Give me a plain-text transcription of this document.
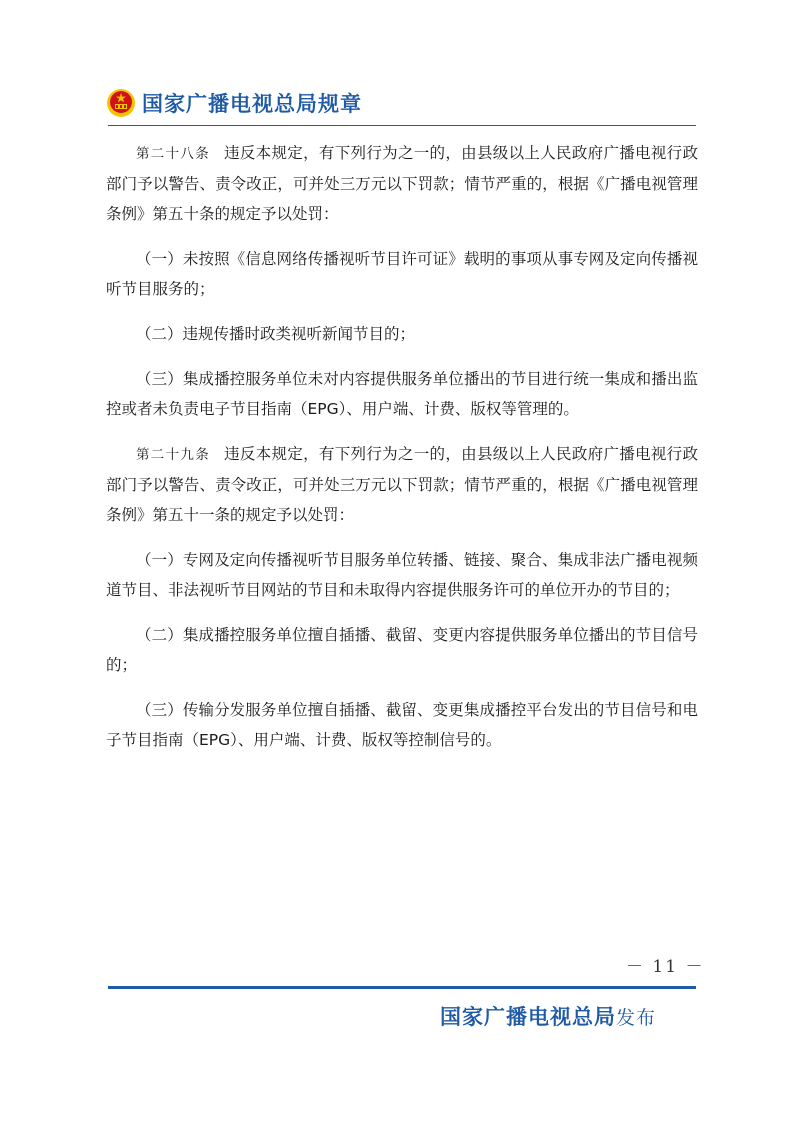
国家广播电视总局规章

第二十八条 违反本规定，有下列行为之一的，由县级以上人民政府广播电视行政部门予以警告、责令改正，可并处三万元以下罚款；情节严重的，根据《广播电视管理条例》第五十条的规定予以处罚：

（一）未按照《信息网络传播视听节目许可证》载明的事项从事专网及定向传播视听节目服务的；

（二）违规传播时政类视听新闻节目的；

（三）集成播控服务单位未对内容提供服务单位播出的节目进行统一集成和播出监控或者未负责电子节目指南（EPG）、用户端、计费、版权等管理的。

第二十九条 违反本规定，有下列行为之一的，由县级以上人民政府广播电视行政部门予以警告、责令改正，可并处三万元以下罚款；情节严重的，根据《广播电视管理条例》第五十一条的规定予以处罚：

（一）专网及定向传播视听节目服务单位转播、链接、聚合、集成非法广播电视频道节目、非法视听节目网站的节目和未取得内容提供服务许可的单位开办的节目的；

（二）集成播控服务单位擅自插播、截留、变更内容提供服务单位播出的节目信号的；

（三）传输分发服务单位擅自插播、截留、变更集成播控平台发出的节目信号和电子节目指南（EPG）、用户端、计费、版权等控制信号的。

－ 11 －
国家广播电视总局发布
